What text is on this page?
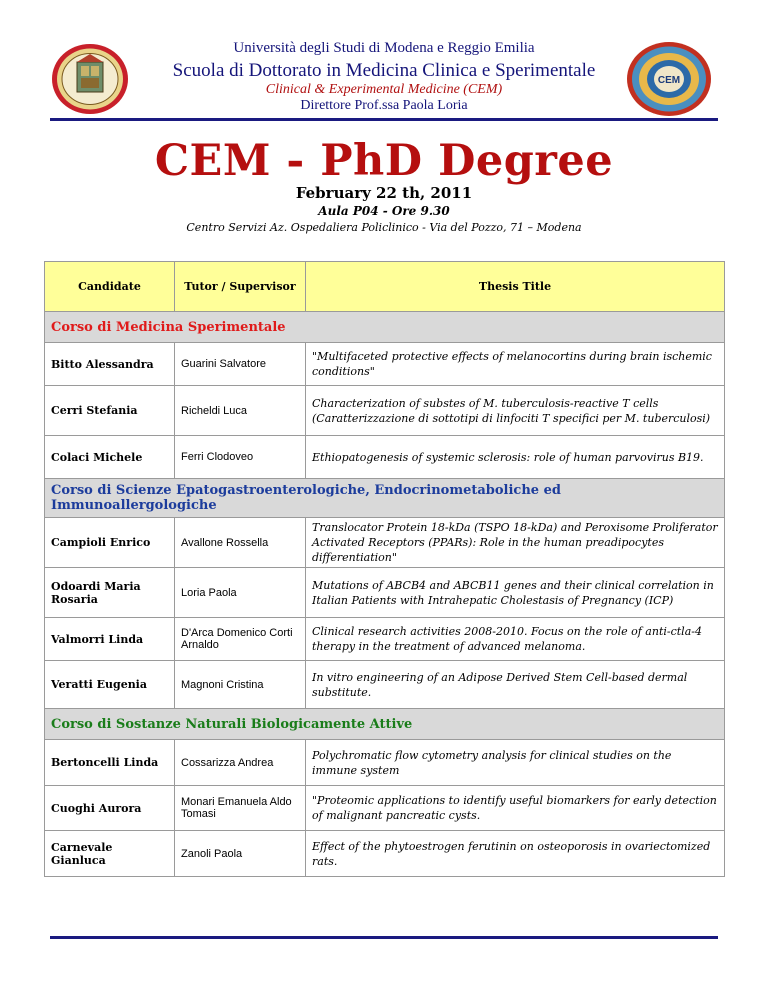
CEM
Università degli Studi di Modena e Reggio Emilia
Scuola di Dottorato in Medicina Clinica e Sperimentale
Clinical & Experimental Medicine (CEM)
Direttore Prof.ssa Paola Loria
CEM - PhD Degree
February 22 th, 2011
Aula P04 - Ore 9.30
Centro Servizi Az. Ospedaliera Policlinico - Via del Pozzo, 71 – Modena
Candidate	Tutor / Supervisor	Thesis Title
Corso di Medicina Sperimentale		
Bitto Alessandra	Guarini Salvatore	"Multifaceted protective effects of melanocortins during brain ischemic conditions"
Cerri Stefania	Richeldi Luca	Characterization of substes of M. tuberculosis-reactive T cells (Caratterizzazione di sottotipi di linfociti T specifici per M. tuberculosi)
Colaci Michele	Ferri Clodoveo	Ethiopatogenesis of systemic sclerosis: role of human parvovirus B19.
Corso di Scienze Epatogastroenterologiche, Endocrinometaboliche ed Immunoallergologiche		
Campioli Enrico	Avallone Rossella	Translocator Protein 18-kDa (TSPO 18-kDa) and Peroxisome Proliferator Activated Receptors (PPARs): Role in the human preadipocytes differentiation"
Odoardi Maria Rosaria	Loria Paola	Mutations of ABCB4 and ABCB11 genes and their clinical correlation in Italian Patients with Intrahepatic Cholestasis of Pregnancy (ICP)
Valmorri Linda	D'Arca Domenico Corti Arnaldo	Clinical research activities 2008-2010. Focus on the role of anti-ctla-4 therapy in the treatment of advanced melanoma.
Veratti Eugenia	Magnoni Cristina	In vitro engineering of an Adipose Derived Stem Cell-based dermal substitute.
Corso di Sostanze Naturali Biologicamente Attive		
Bertoncelli Linda	Cossarizza Andrea	Polychromatic flow cytometry analysis for clinical studies on the immune system
Cuoghi Aurora	Monari Emanuela Aldo Tomasi	"Proteomic applications to identify useful biomarkers for early detection of malignant pancreatic cysts.
Carnevale Gianluca	Zanoli Paola	Effect of the phytoestrogen ferutinin on osteoporosis in ovariectomized rats.
